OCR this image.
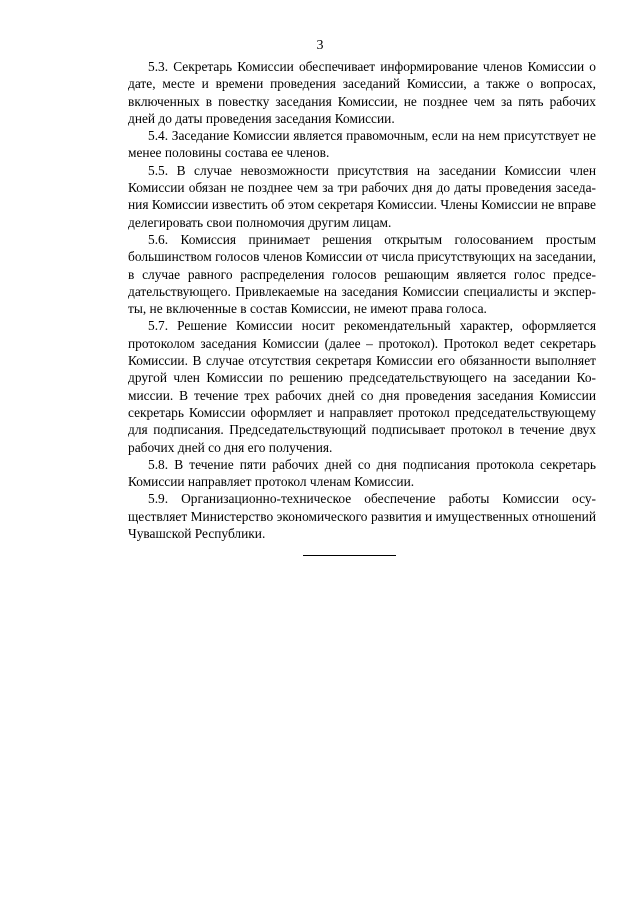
3

5.3. Секретарь Комиссии обеспечивает информирование членов Комиссии о дате, месте и времени проведения заседаний Комиссии, а также о вопросах, включенных в повестку заседания Комиссии, не позднее чем за пять рабочих дней до даты проведения заседания Комиссии.

5.4. Заседание Комиссии является правомочным, если на нем присутствует не менее половины состава ее членов.

5.5. В случае невозможности присутствия на заседании Комиссии член Комиссии обязан не позднее чем за три рабочих дня до даты проведения заседания Комиссии известить об этом секретаря Комиссии. Члены Комиссии не вправе делегировать свои полномочия другим лицам.

5.6. Комиссия принимает решения открытым голосованием простым большинством голосов членов Комиссии от числа присутствующих на заседании, в случае равного распределения голосов решающим является голос председательствующего. Привлекаемые на заседания Комиссии специалисты и эксперты, не включенные в состав Комиссии, не имеют права голоса.

5.7. Решение Комиссии носит рекомендательный характер, оформляется протоколом заседания Комиссии (далее – протокол). Протокол ведет секретарь Комиссии. В случае отсутствия секретаря Комиссии его обязанности выполняет другой член Комиссии по решению председательствующего на заседании Комиссии. В течение трех рабочих дней со дня проведения заседания Комиссии секретарь Комиссии оформляет и направляет протокол председательствующему для подписания. Председательствующий подписывает протокол в течение двух рабочих дней со дня его получения.

5.8. В течение пяти рабочих дней со дня подписания протокола секретарь Комиссии направляет протокол членам Комиссии.

5.9. Организационно-техническое обеспечение работы Комиссии осуществляет Министерство экономического развития и имущественных отношений Чувашской Республики.
